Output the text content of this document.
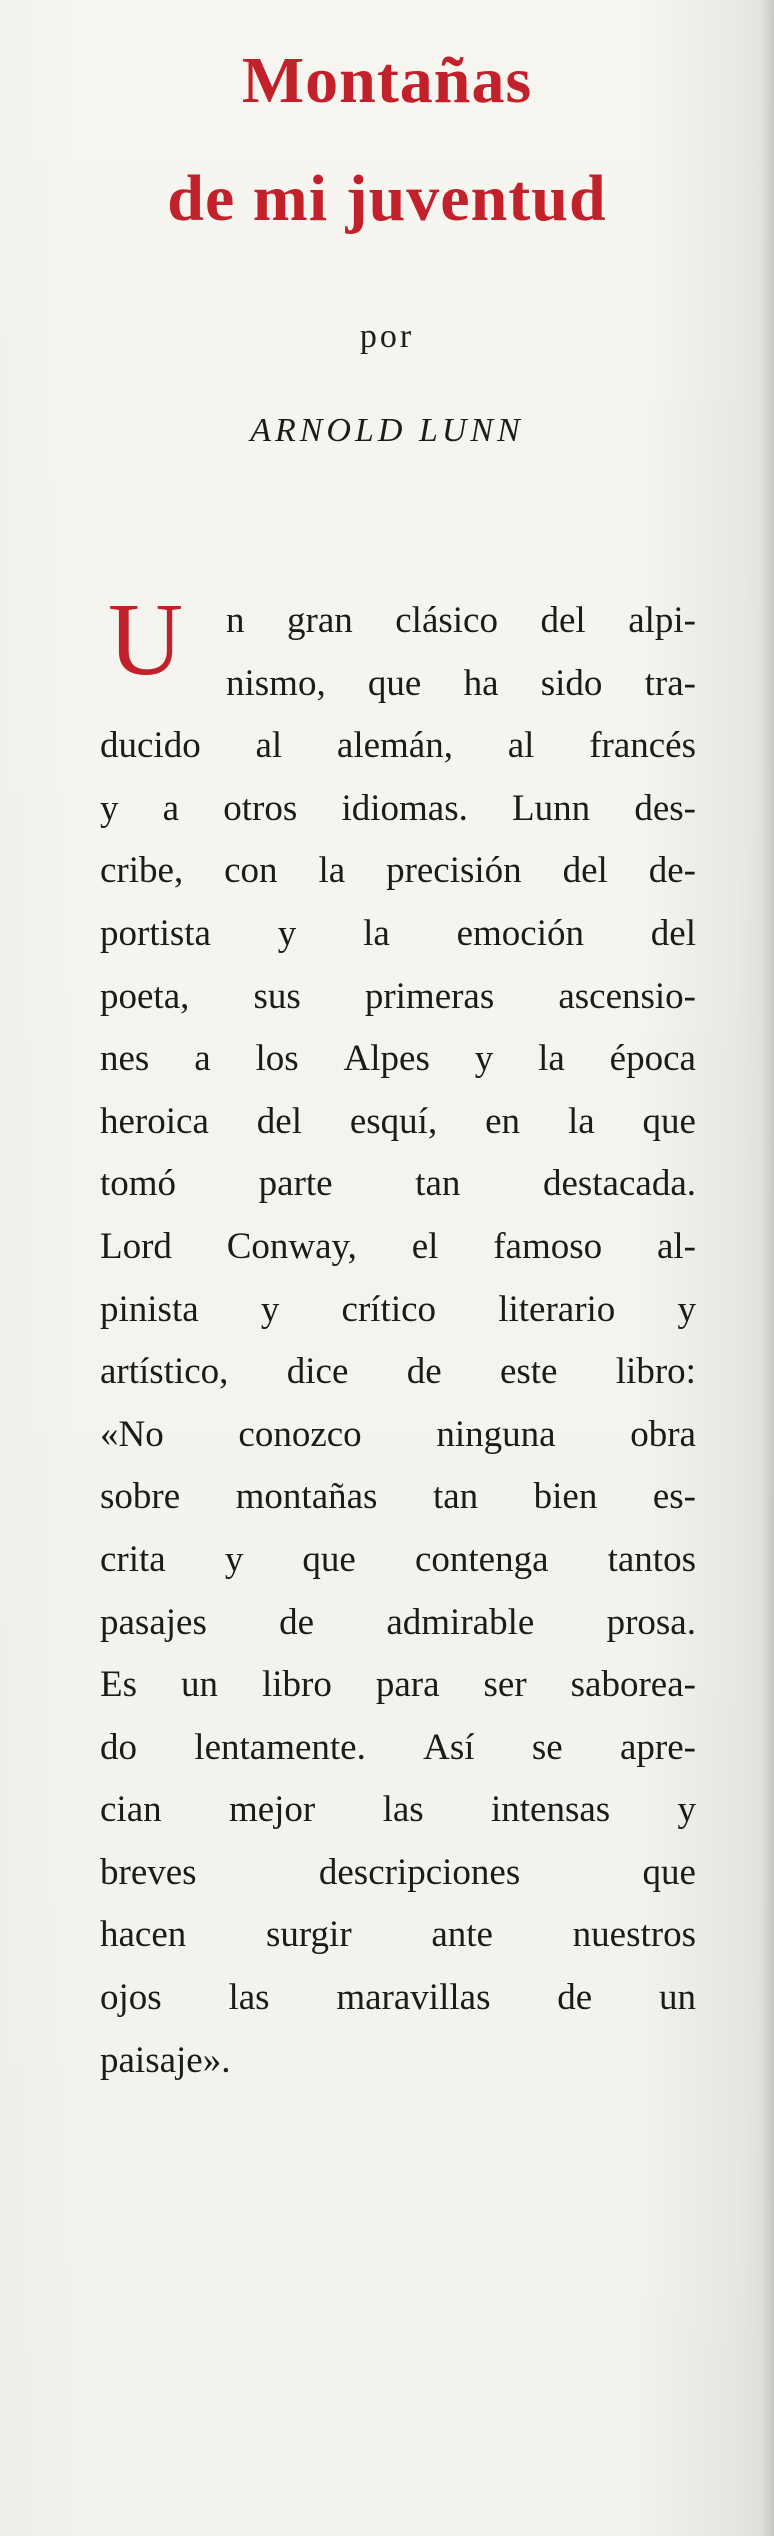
Montañas
de mi juventud
por
ARNOLD LUNN
U n gran clásico del alpi-
nismo, que ha sido tra-
ducido al alemán, al francés
y a otros idiomas. Lunn des-
cribe, con la precisión del de-
portista y la emoción del
poeta, sus primeras ascensio-
nes a los Alpes y la época
heroica del esquí, en la que
tomó parte tan destacada.
Lord Conway, el famoso al-
pinista y crítico literario y
artístico, dice de este libro:
«No conozco ninguna obra
sobre montañas tan bien es-
crita y que contenga tantos
pasajes de admirable prosa.
Es un libro para ser saborea-
do lentamente. Así se apre-
cian mejor las intensas y
breves	descripciones	que
hacen surgir ante nuestros
ojos las maravillas de un
paisaje».
